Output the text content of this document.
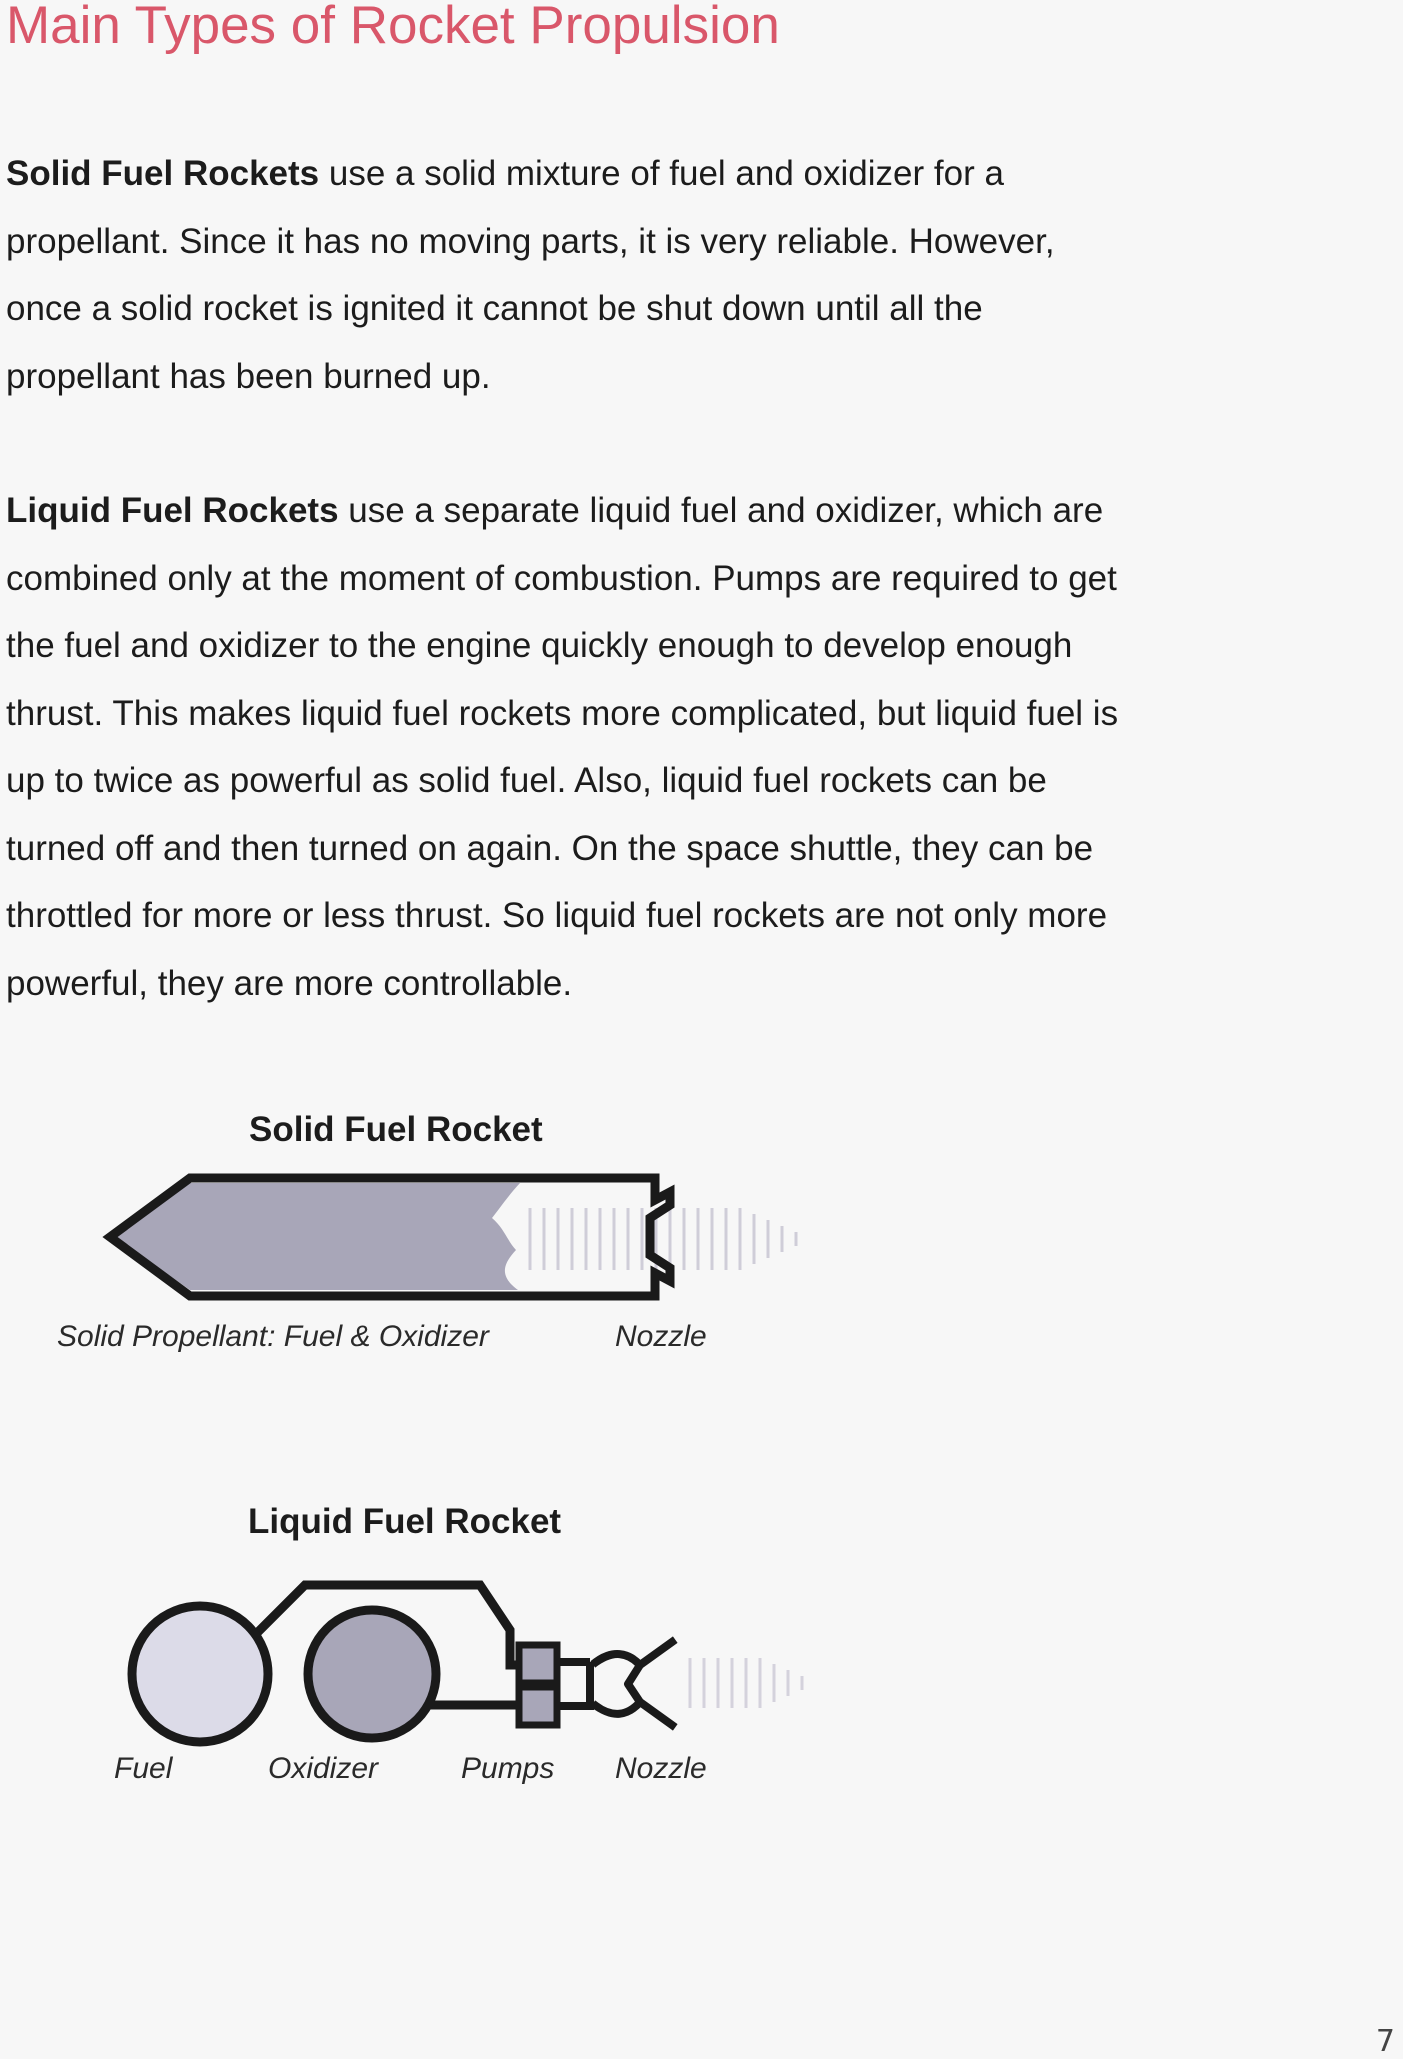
Main Types of Rocket Propulsion

Solid Fuel Rockets use a solid mixture of fuel and oxidizer for a
propellant. Since it has no moving parts, it is very reliable. However,
once a solid rocket is ignited it cannot be shut down until all the
propellant has been burned up.

Liquid Fuel Rockets use a separate liquid fuel and oxidizer, which are
combined only at the moment of combustion. Pumps are required to get
the fuel and oxidizer to the engine quickly enough to develop enough
thrust. This makes liquid fuel rockets more complicated, but liquid fuel is
up to twice as powerful as solid fuel. Also, liquid fuel rockets can be
turned off and then turned on again. On the space shuttle, they can be
throttled for more or less thrust. So liquid fuel rockets are not only more
powerful, they are more controllable.

Solid Fuel Rocket
Solid Propellant: Fuel & Oxidizer	Nozzle
Liquid Fuel Rocket
Fuel	Oxidizer	Pumps Nozzle
7
